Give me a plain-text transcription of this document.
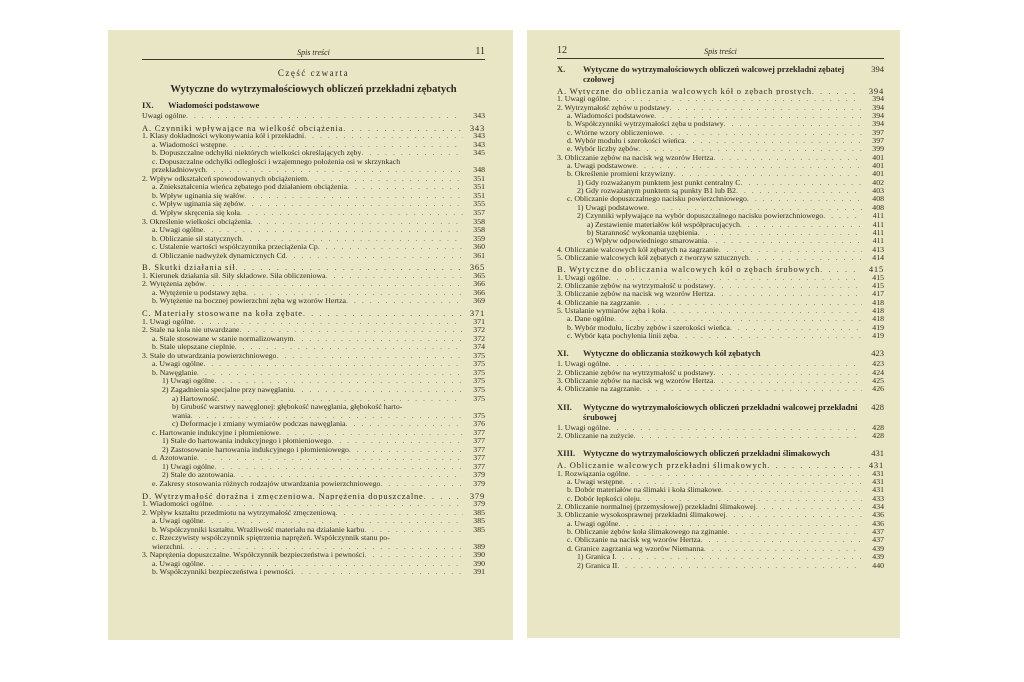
Spis treści	11
Część czwarta
Wytyczne do wytrzymałościowych obliczeń przekładni zębatych
IX.	Wiadomości podstawowe
Uwagi ogólne . . .	343
A. Czynniki wpływające na wielkość obciążenia . . .	343
1. Klasy dokładności wykonywania kół i przekładni . . .	343
a. Wiadomości wstępne . . .	343
b. Dopuszczalne odchyłki niektórych wielkości określających zęby . . .	345
c. Dopuszczalne odchyłki odległości i wzajemnego położenia osi w skrzynkach
przekładniowych . . .	348
2. Wpływ odkształceń spowodowanych obciążeniem . . .	351
a. Zniekształcenia wieńca zębatego pod działaniem obciążenia . . .	351
b. Wpływ uginania się wałów . . .	351
c. Wpływ uginania się zębów . . .	355
d. Wpływ skręcenia się koła . . .	357
3. Określenie wielkości obciążenia . . .	358
a. Uwagi ogólne . . .	358
b. Obliczanie sił statycznych . . .	359
c. Ustalenie wartości współczynnika przeciążenia Cp . . .	360
d. Obliczanie nadwyżek dynamicznych Cd . . .	361
B. Skutki działania sił . . .	365
1. Kierunek działania sił. Siły składowe. Siła obliczeniowa . . .	365
2. Wytężenia zębów . . .	366
a. Wytężenie u podstawy zęba . . .	366
b. Wytężenie na bocznej powierzchni zęba wg wzorów Hertza . . .	369
C. Materiały stosowane na koła zębate . . .	371
1. Uwagi ogólne . . .	371
2. Stale na koła nie utwardzane . . .	372
a. Stale stosowane w stanie normalizowanym . . .	372
b. Stale ulepszane cieplnie . . .	374
3. Stale do utwardzania powierzchniowego . . .	375
a. Uwagi ogólne . . .	375
b. Nawęglanie . . .	375
1) Uwagi ogólne . . .	375
2) Zagadnienia specjalne przy nawęglaniu . . .	375
a) Hartowność . . .	375
b) Grubość warstwy nawęglonej: głębokość nawęglania, głębokość harto-
wania . . .	375
c) Deformacje i zmiany wymiarów podczas nawęglania . . .	376
c. Hartowanie indukcyjne i płomieniowe . . .	377
1) Stale do hartowania indukcyjnego i płomieniowego . . .	377
2) Zastosowanie hartowania indukcyjnego i płomieniowego . . .	377
d. Azotowanie . . .	377
1) Uwagi ogólne . . .	377
2) Stale do azotowania . . .	379
e. Zakresy stosowania różnych rodzajów utwardzania powierzchniowego . . .	379
D. Wytrzymałość doraźna i zmęczeniowa. Naprężenia dopuszczalne . . .	379
1. Wiadomości ogólne . . .	379
2. Wpływ kształtu przedmiotu na wytrzymałość zmęczeniową . . .	385
a. Uwagi ogólne . . .	385
b. Współczynniki kształtu. Wrażliwość materiału na działanie karbu . . .	385
c. Rzeczywisty współczynnik spiętrzenia naprężeń. Współczynnik stanu po-
wierzchni . . .	389
3. Naprężenia dopuszczalne. Współczynnik bezpieczeństwa i pewności . . .	390
a. Uwagi ogólne . . .	390
b. Współczynniki bezpieczeństwa i pewności . . .	391
12	Spis treści
X.	Wytyczne do wytrzymałościowych obliczeń walcowej przekładni zębatej czołowej
394
A. Wytyczne do obliczania walcowych kół o zębach prostych . . .	394
1. Uwagi ogólne . . .	394
2. Wytrzymałość zębów u podstawy . . .	394
a. Wiadomości podstawowe . . .	394
b. Współczynniki wytrzymałości zęba u podstawy . . .	394
c. Wtórne wzory obliczeniowe . . .	397
d. Wybór modułu i szerokości wieńca . . .	397
e. Wybór liczby zębów . . .	399
3. Obliczanie zębów na nacisk wg wzorów Hertza . . .	401
a. Uwagi podstawowe . . .	401
b. Określenie promieni krzywizny . . .	401
1) Gdy rozważanym punktem jest punkt centralny C . . .	402
2) Gdy rozważanym punktem są punkty B1 lub B2 . . .	403
c. Obliczanie dopuszczalnego nacisku powierzchniowego . . .	408
1) Uwagi podstawowe . . .	408
2) Czynniki wpływające na wybór dopuszczalnego nacisku powierzchniowego . . .	411
a) Zestawienie materiałów kół współpracujących . . .	411
b) Staranność wykonania uzębienia . . .	411
c) Wpływ odpowiedniego smarowania . . .	411
4. Obliczanie walcowych kół zębatych na zagrzanie . . .	413
5. Obliczanie walcowych kół zębatych z tworzyw sztucznych . . .	414
B. Wytyczne do obliczania walcowych kół o zębach śrubowych . . .	415
1. Uwagi ogólne . . .	415
2. Obliczanie zębów na wytrzymałość u podstawy . . .	415
3. Obliczanie zębów na nacisk wg wzorów Hertza . . .	417
4. Obliczanie na zagrzanie . . .	418
5. Ustalanie wymiarów zęba i koła . . .	418
a. Dane ogólne . . .	418
b. Wybór modułu, liczby zębów i szerokości wieńca . . .	419
c. Wybór kąta pochylenia linii zęba . . .	419
XI.	Wytyczne do obliczania stożkowych kół zębatych	423
1. Uwagi ogólne . . .	423
2. Obliczanie zębów na wytrzymałość u podstawy . . .	424
3. Obliczanie zębów na nacisk wg wzorów Hertza . . .	425
4. Obliczanie na zagrzanie . . .	426
XII.	Wytyczne do wytrzymałościowych obliczeń przekładni walcowej przekładni śrubowej
428
1. Uwagi ogólne . . .	428
2. Obliczanie na zużycie . . .	428
XIII. Wytyczne do wytrzymałościowych obliczeń przekładni ślimakowych	431
A. Obliczanie walcowych przekładni ślimakowych . . .	431
1. Rozwiązania ogólne . . .	431
a. Uwagi wstępne . . .	431
b. Dobór materiałów na ślimaki i koła ślimakowe . . .	431
c. Dobór lepkości oleju . . .	433
2. Obliczanie normalnej (przemysłowej) przekładni ślimakowej . . .	434
3. Obliczanie wysokosprawnej przekładni ślimakowej . . .	436
a. Uwagi ogólne . . .	436
b. Obliczanie zębów koła ślimakowego na zginanie . . .	437
c. Obliczanie na nacisk wg wzorów Hertza . . .	437
d. Granice zagrzania wg wzorów Niemanna . . .	439
1) Granica I . . .	439
2) Granica II . . .	440
